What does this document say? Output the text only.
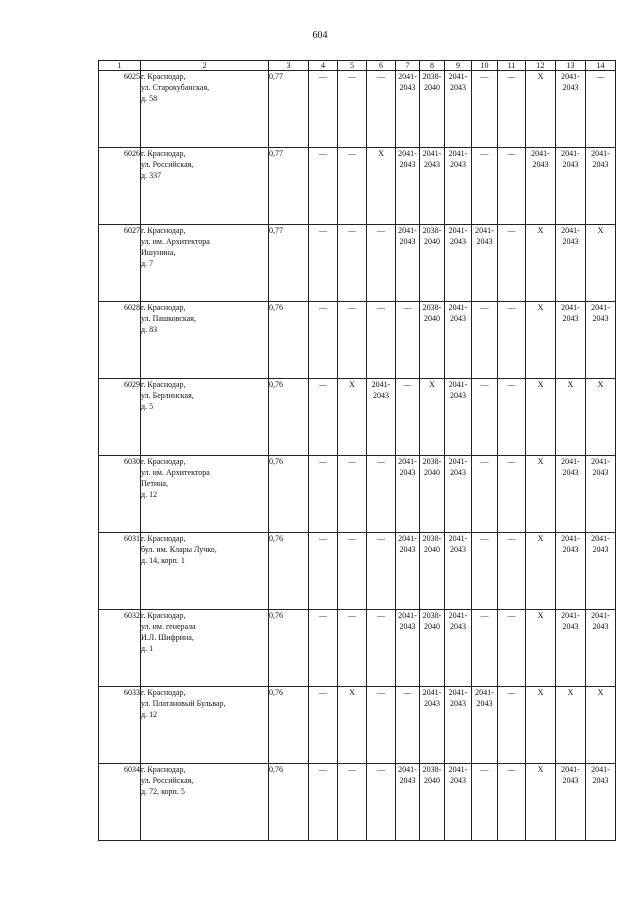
604
1	2	3	4	5	6	7	8	9	10	11	12	13	14
6025	г. Краснодар,
ул. Старокубанская,
д. 58	0,77	—	—	—	2041-
2043	2038-
2040	2041-
2043	—	—	X	2041-
2043	—

6026	г. Краснодар,
ул. Российская,
д. 337	0,77	—	—	X	2041-
2043	2041-
2043	2041-
2043	—	—	2041-
2043	2041-
2043	2041-
2043

6027	г. Краснодар,
ул. им. Архитектора
Ишунина,
д. 7	0,77	—	—	—	2041-
2043	2038-
2040	2041-
2043	2041-
2043	—	X	2041-
2043	X

6028	г. Краснодар,
ул. Пашковская,
д. 83	0,76	—	—	—	—	2038-
2040	2041-
2043	—	—	X	2041-
2043	2041-
2043

6029	г. Краснодар,
ул. Берлинская,
д. 5	0,76	—	X	2041-
2043	—	X	2041-
2043	—	—	X	X	X

6030	г. Краснодар,
ул. им. Архитектора
Петина,
д. 12	0,76	—	—	—	2041-
2043	2038-
2040	2041-
2043	—	—	X	2041-
2043	2041-
2043

6031	г. Краснодар,
бул. им. Клары Лучко,
д. 14, корп. 1	0,76	—	—	—	2041-
2043	2038-
2040	2041-
2043	—	—	X	2041-
2043	2041-
2043

6032	г. Краснодар,
ул. им. генерала
И.Л. Шифрина,
д. 1	0,76	—	—	—	2041-
2043	2038-
2040	2041-
2043	—	—	X	2041-
2043	2041-
2043

6033	г. Краснодар,
ул. Платановый Бульвар,
д. 12	0,76	—	X	—	—	2041-
2043	2041-
2043	2041-
2043	—	X	X	X

6034	г. Краснодар,
ул. Российская,
д. 72, корп. 5	0,76	—	—	—	2041-
2043	2038-
2040	2041-
2043	—	—	X	2041-
2043	2041-
2043
